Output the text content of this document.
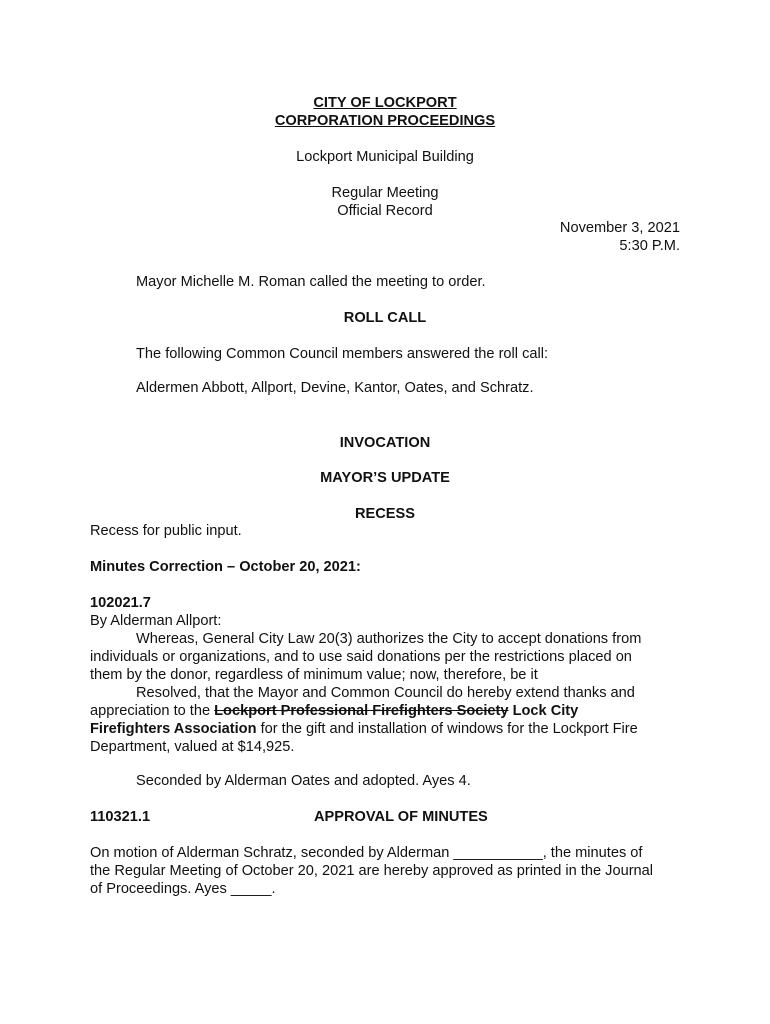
CITY OF LOCKPORT
CORPORATION PROCEEDINGS
Lockport Municipal Building
Regular Meeting
Official Record
November 3, 2021
5:30 P.M.
Mayor Michelle M. Roman called the meeting to order.
ROLL CALL
The following Common Council members answered the roll call:
Aldermen Abbott, Allport, Devine, Kantor, Oates, and Schratz.
INVOCATION
MAYOR’S UPDATE
RECESS
Recess for public input.
Minutes Correction – October 20, 2021:
102021.7
By Alderman Allport:
Whereas, General City Law 20(3) authorizes the City to accept donations from
individuals or organizations, and to use said donations per the restrictions placed on
them by the donor, regardless of minimum value; now, therefore, be it
Resolved, that the Mayor and Common Council do hereby extend thanks and
appreciation to the Lockport Professional Firefighters Society Lock City
Firefighters Association for the gift and installation of windows for the Lockport Fire
Department, valued at $14,925.
Seconded by Alderman Oates and adopted. Ayes 4.
110321.1	APPROVAL OF MINUTES
On motion of Alderman Schratz, seconded by Alderman ___________, the minutes of
the Regular Meeting of October 20, 2021 are hereby approved as printed in the Journal
of Proceedings. Ayes _____.
